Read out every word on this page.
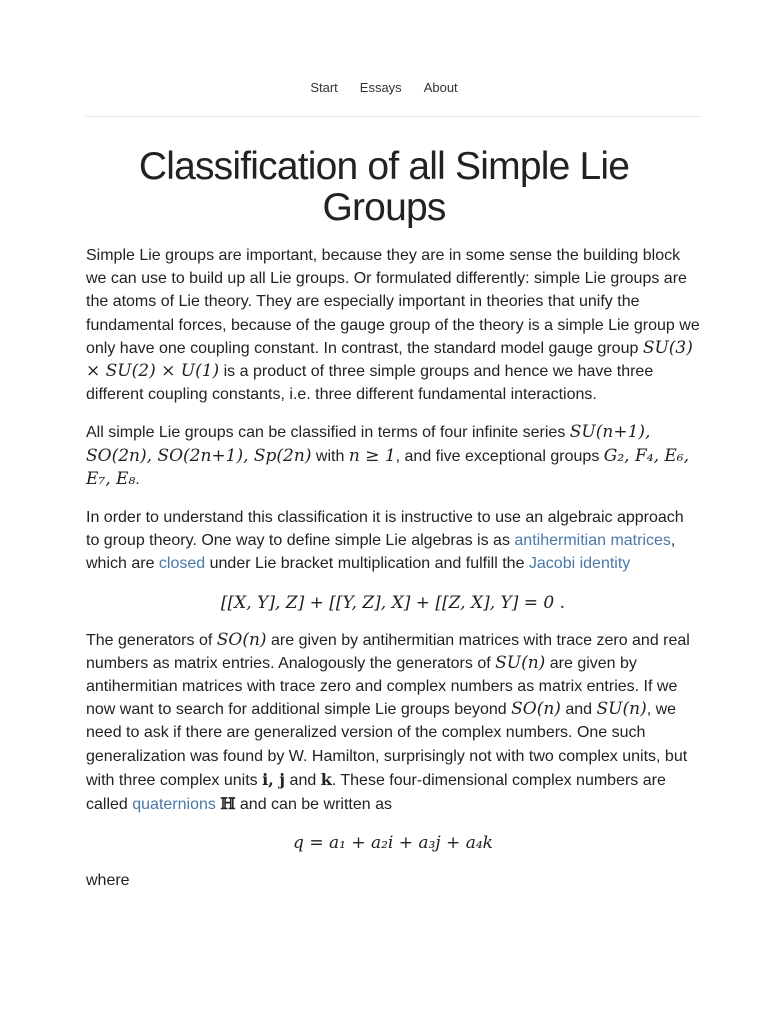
Start Essays About
Classification of all Simple Lie
Groups

Simple Lie groups are important, because they are in some sense the building block we can use to build up all Lie groups. Or formulated differently: simple Lie groups are the atoms of Lie theory. They are especially important in theories that unify the fundamental forces, because of the gauge group of the theory is a simple Lie group we only have one coupling constant. In contrast, the standard model gauge group SU(3) × SU(2) × U(1) is a product of three simple groups and hence we have three different coupling constants, i.e. three different fundamental interactions.

All simple Lie groups can be classified in terms of four infinite series SU(n+1), SO(2n), SO(2n+1), Sp(2n) with n ≥ 1, and five exceptional groups G₂, F₄, E₆, E₇, E₈.

In order to understand this classification it is instructive to use an algebraic approach to group theory. One way to define simple Lie algebras is as antihermitian matrices, which are closed under Lie bracket multiplication and fulfill the Jacobi identity

[[X, Y], Z] + [[Y, Z], X] + [[Z, X], Y] = 0 .

The generators of SO(n) are given by antihermitian matrices with trace zero and real numbers as matrix entries. Analogously the generators of SU(n) are given by antihermitian matrices with trace zero and complex numbers as matrix entries. If we now want to search for additional simple Lie groups beyond SO(n) and SU(n), we need to ask if there are generalized version of the complex numbers. One such generalization was found by W. Hamilton, surprisingly not with two complex units, but with three complex units i, j and k. These four-dimensional complex numbers are called quaternions ℍ and can be written as

q = a₁ + a₂i + a₃j + a₄k

where
